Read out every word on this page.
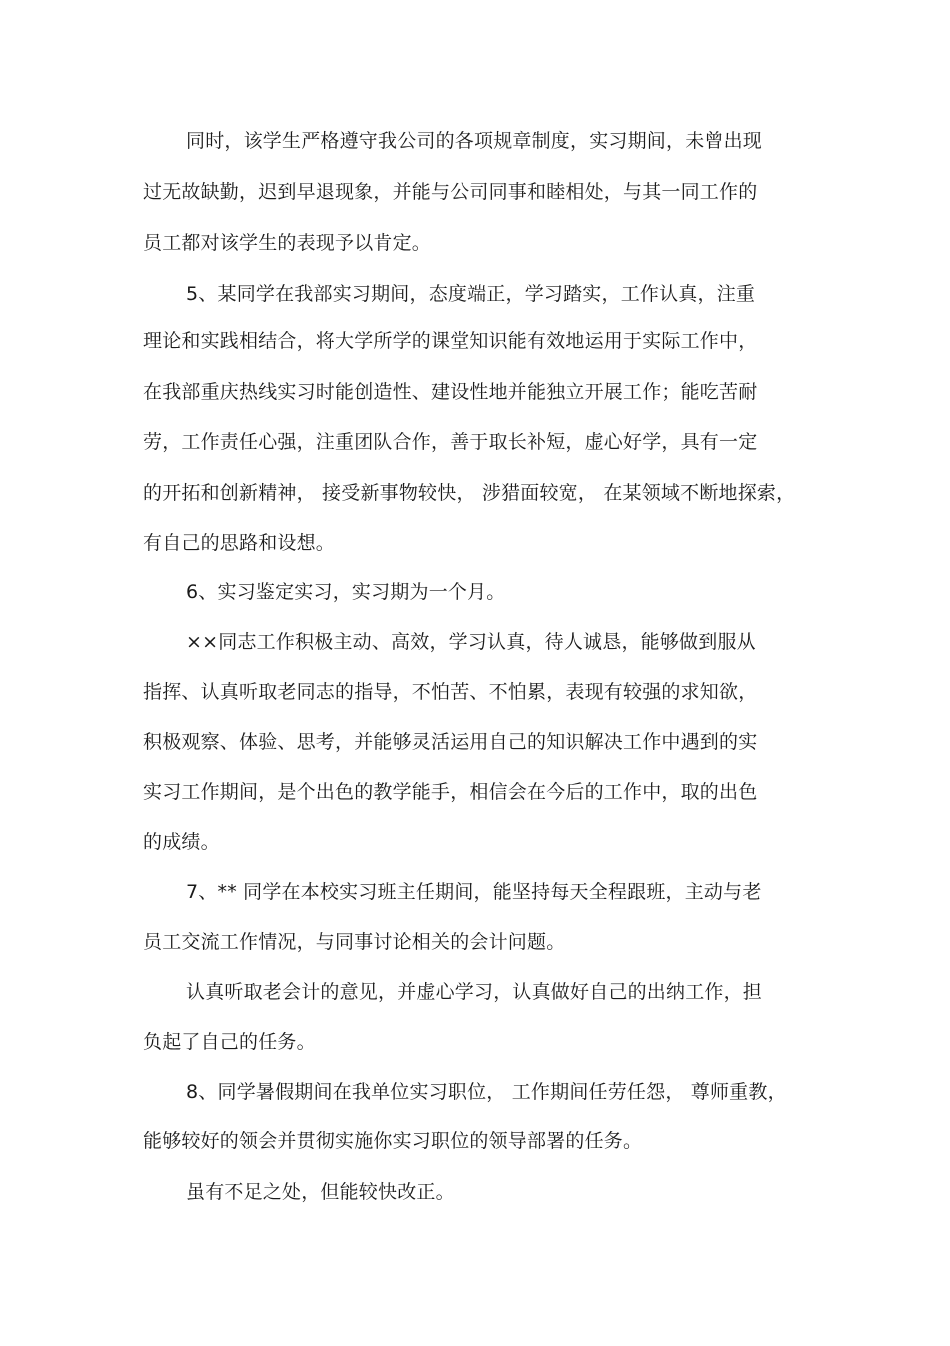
同时，该学生严格遵守我公司的各项规章制度，实习期间，未曾出现
过无故缺勤，迟到早退现象，并能与公司同事和睦相处，与其一同工作的
员工都对该学生的表现予以肯定。
5、某同学在我部实习期间，态度端正，学习踏实，工作认真，注重
理论和实践相结合，将大学所学的课堂知识能有效地运用于实际工作中，
在我部重庆热线实习时能创造性、建设性地并能独立开展工作；能吃苦耐
劳，工作责任心强，注重团队合作，善于取长补短，虚心好学，具有一定
的开拓和创新精神， 接受新事物较快， 涉猎面较宽， 在某领域不断地探索，
有自己的思路和设想。
6、实习鉴定实习，实习期为一个月。
××同志工作积极主动、高效，学习认真，待人诚恳，能够做到服从
指挥、认真听取老同志的指导，不怕苦、不怕累，表现有较强的求知欲，
积极观察、体验、思考，并能够灵活运用自己的知识解决工作中遇到的实
实习工作期间，是个出色的教学能手，相信会在今后的工作中，取的出色
的成绩。
7、** 同学在本校实习班主任期间，能坚持每天全程跟班，主动与老
员工交流工作情况，与同事讨论相关的会计问题。
认真听取老会计的意见，并虚心学习，认真做好自己的出纳工作，担
负起了自己的任务。
8、同学暑假期间在我单位实习职位， 工作期间任劳任怨， 尊师重教，
能够较好的领会并贯彻实施你实习职位的领导部署的任务。
虽有不足之处，但能较快改正。
